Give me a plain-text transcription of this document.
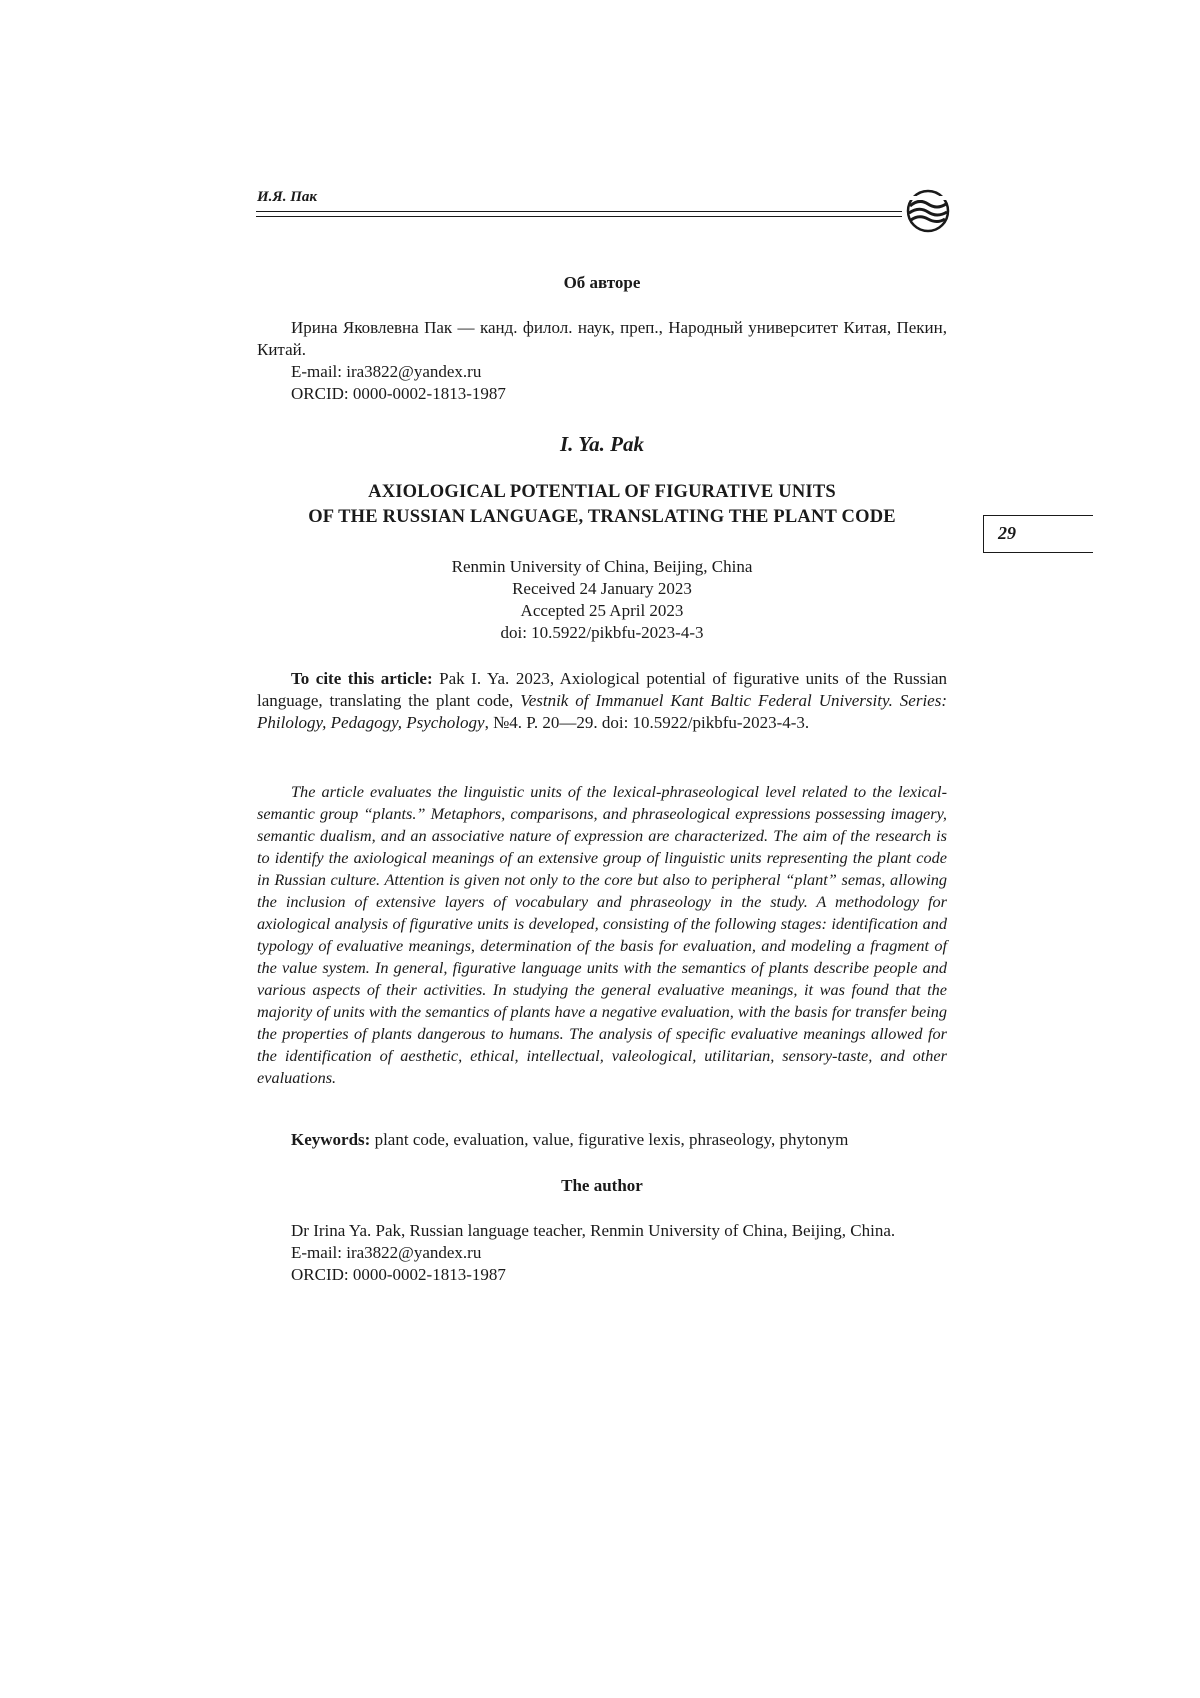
И.Я. Пак
Об авторе

Ирина Яковлевна Пак — канд. филол. наук, преп., Народный университет Китая, Пекин, Китай.

E-mail: ira3822@yandex.ru

ORCID: 0000-0002-1813-1987

I. Ya. Pak
AXIOLOGICAL POTENTIAL OF FIGURATIVE UNITS
OF THE RUSSIAN LANGUAGE, TRANSLATING THE PLANT CODE
29
Renmin University of China, Beijing, China
Received 24 January 2023
Accepted 25 April 2023
doi: 10.5922/pikbfu-2023-4-3

To cite this article: Pak I. Ya. 2023, Axiological potential of figurative units of the Russian language, translating the plant code, Vestnik of Immanuel Kant Baltic Federal University. Series: Philology, Pedagogy, Psychology, №4. P. 20—29. doi: 10.5922/pikbfu-2023-4-3.

The article evaluates the linguistic units of the lexical-phraseological level related to the lexical-semantic group “plants.” Metaphors, comparisons, and phraseological expressions possessing imagery, semantic dualism, and an associative nature of expression are characterized. The aim of the research is to identify the axiological meanings of an extensive group of linguistic units representing the plant code in Russian culture. Attention is given not only to the core but also to peripheral “plant” semas, allowing the inclusion of extensive layers of vocabulary and phraseology in the study. A methodology for axiological analysis of figurative units is developed, consisting of the following stages: identification and typology of evaluative meanings, determination of the basis for evaluation, and modeling a fragment of the value system. In general, figurative language units with the semantics of plants describe people and various aspects of their activities. In studying the general evaluative meanings, it was found that the majority of units with the semantics of plants have a negative evaluation, with the basis for transfer being the properties of plants dangerous to humans. The analysis of specific evaluative meanings allowed for the identification of aesthetic, ethical, intellectual, valeological, utilitarian, sensory-taste, and other evaluations.

Keywords: plant code, evaluation, value, figurative lexis, phraseology, phytonym

The author

Dr Irina Ya. Pak, Russian language teacher, Renmin University of China, Beijing, China.

E-mail: ira3822@yandex.ru

ORCID: 0000-0002-1813-1987
